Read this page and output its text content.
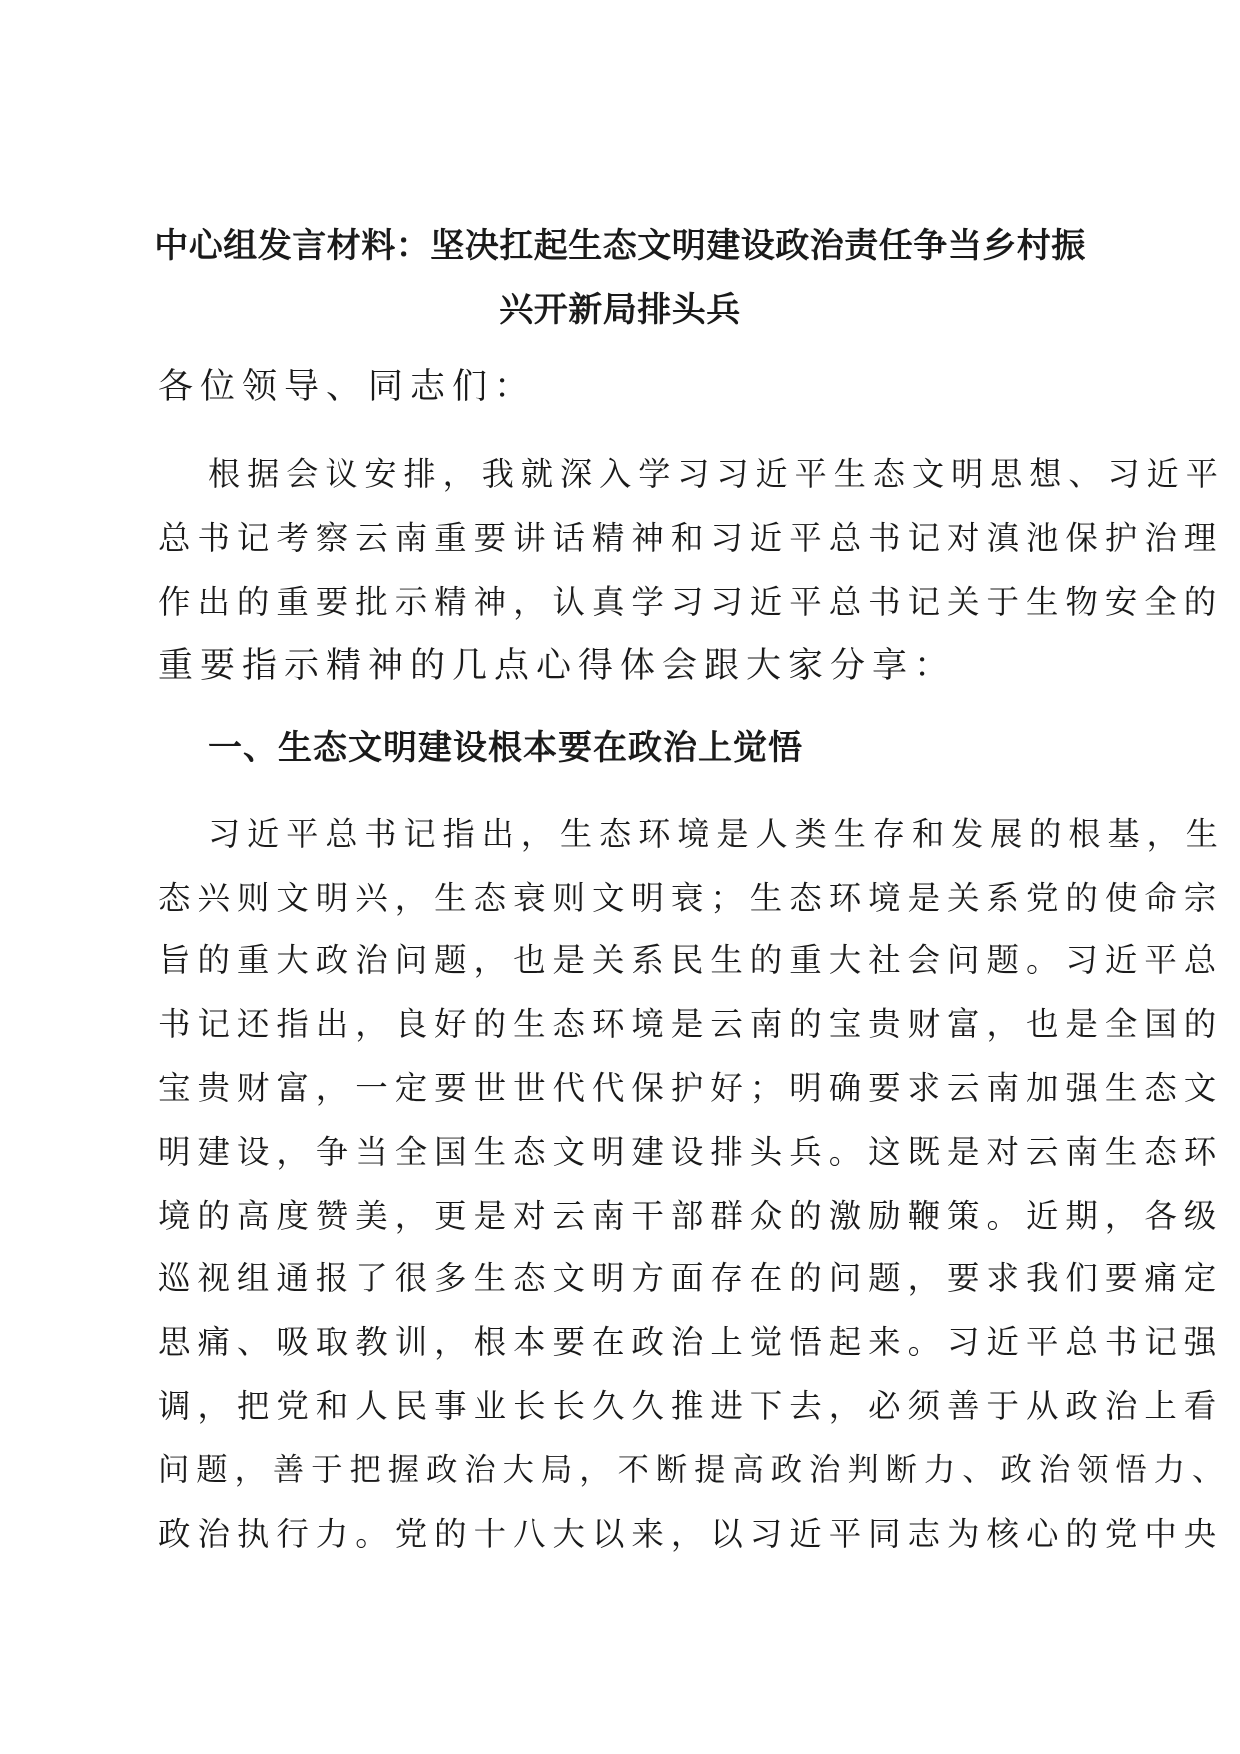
中心组发言材料：坚决扛起生态文明建设政治责任争当乡村振
兴开新局排头兵
各位领导、同志们：
根据会议安排，我就深入学习习近平生态文明思想、习近平
总书记考察云南重要讲话精神和习近平总书记对滇池保护治理
作出的重要批示精神，认真学习习近平总书记关于生物安全的
重要指示精神的几点心得体会跟大家分享：
一、生态文明建设根本要在政治上觉悟
习近平总书记指出，生态环境是人类生存和发展的根基，生
态兴则文明兴，生态衰则文明衰；生态环境是关系党的使命宗
旨的重大政治问题，也是关系民生的重大社会问题。习近平总
书记还指出，良好的生态环境是云南的宝贵财富，也是全国的
宝贵财富，一定要世世代代保护好；明确要求云南加强生态文
明建设，争当全国生态文明建设排头兵。这既是对云南生态环
境的高度赞美，更是对云南干部群众的激励鞭策。近期，各级
巡视组通报了很多生态文明方面存在的问题，要求我们要痛定
思痛、吸取教训，根本要在政治上觉悟起来。习近平总书记强
调，把党和人民事业长长久久推进下去，必须善于从政治上看
问题，善于把握政治大局，不断提高政治判断力、政治领悟力、
政治执行力。党的十八大以来，以习近平同志为核心的党中央
